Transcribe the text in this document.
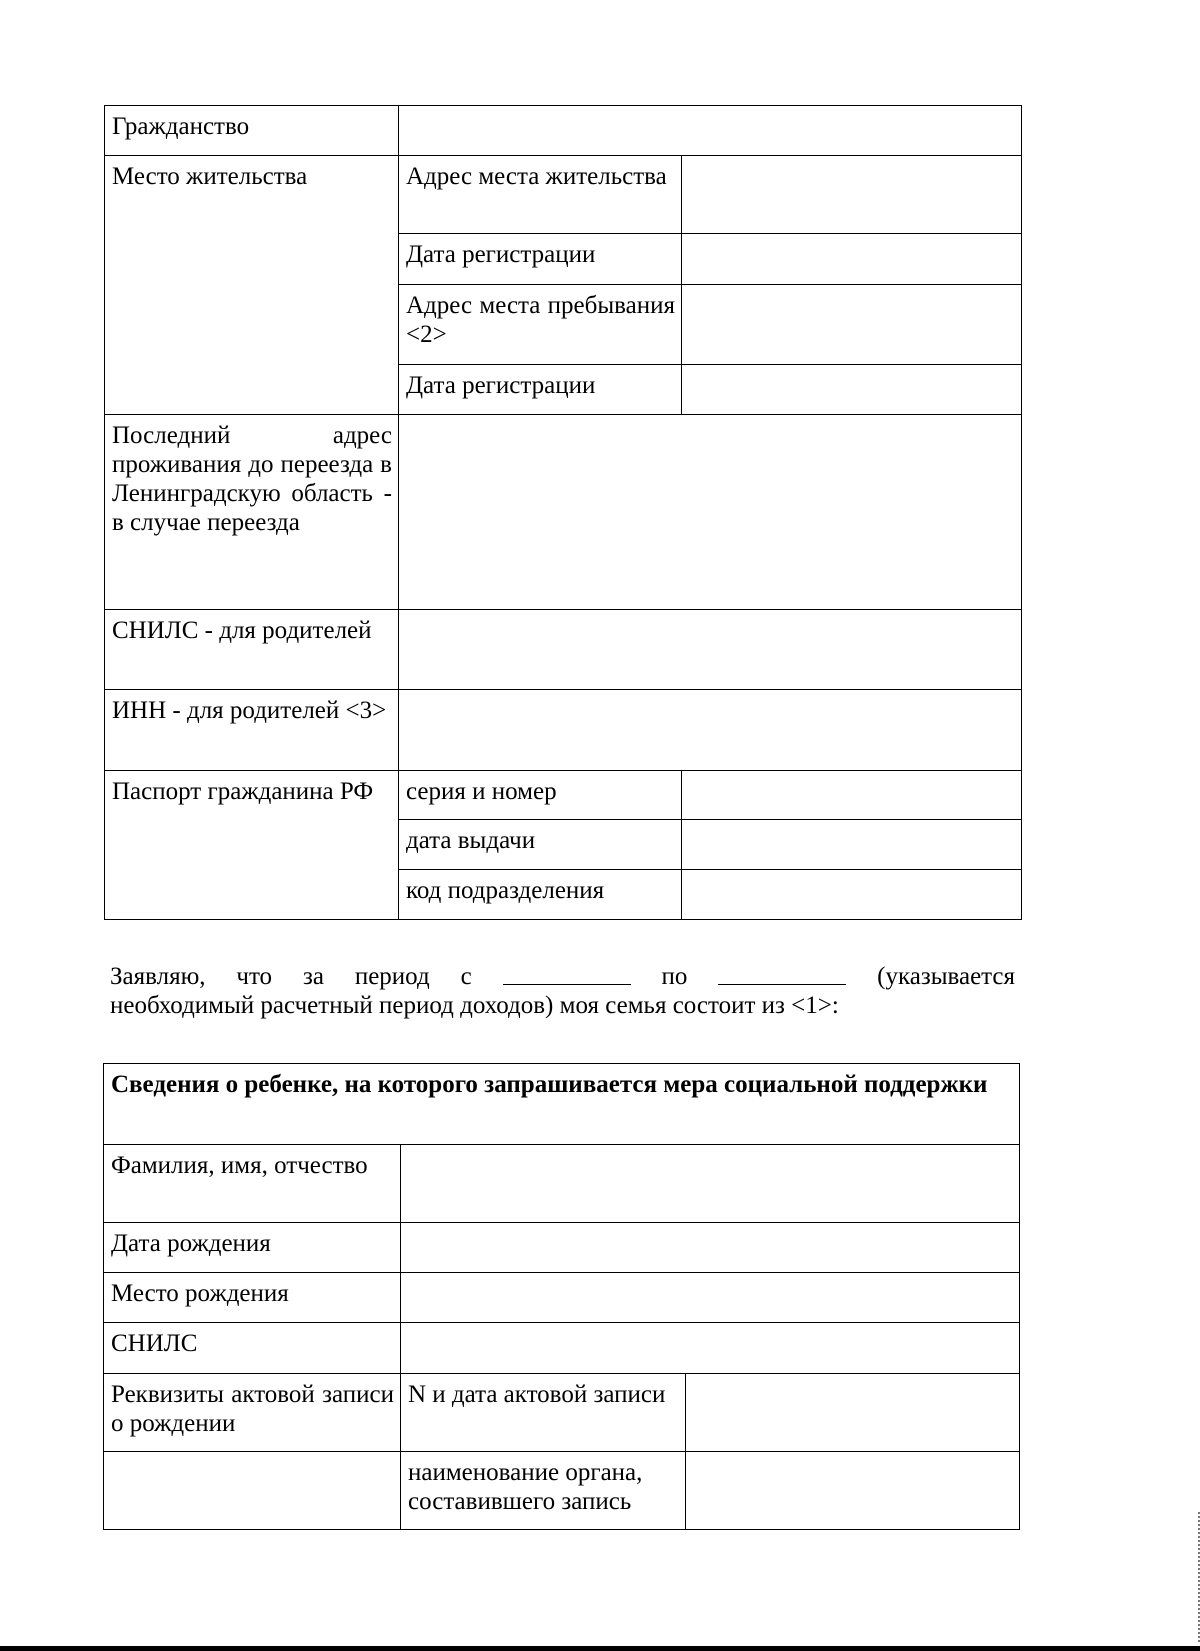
Гражданство		
Место жительства	Адрес места жительства	
	Дата регистрации	
	Адрес места пребывания <2>	
	Дата регистрации	
Последний адрес проживания до переезда в Ленинградскую область - в случае переезда		
СНИЛС - для родителей		
ИНН - для родителей <3>		
Паспорт гражданина РФ	серия и номер	
	дата выдачи	
	код подразделения	
Заявляю, что за период с	по	(указывается
необходимый расчетный период доходов) моя семья состоит из <1>:
Сведения о ребенке, на которого запрашивается мера социальной поддержки		
Фамилия, имя, отчество		
Дата рождения		
Место рождения		
СНИЛС		
Реквизиты актовой записи о рождении	N и дата актовой записи	
	наименование органа, составившего запись	
